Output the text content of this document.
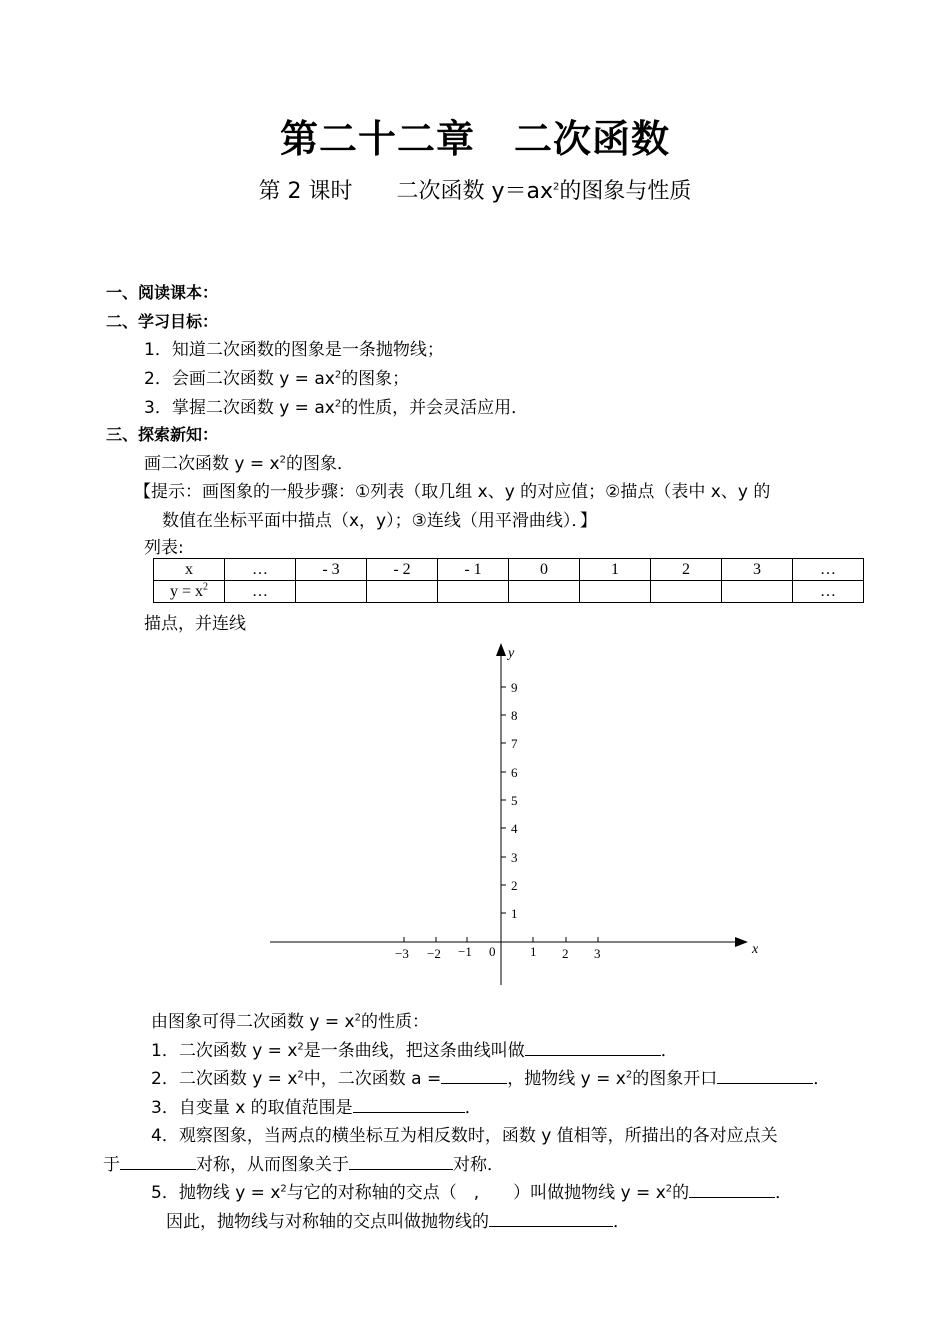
第二十二章　二次函数
第 2 课时　　二次函数 $y=ax^2$的图象与性质
一、阅读课本：
二、学习目标：
1．知道二次函数的图象是一条抛物线；
2．会画二次函数 $y = ax^2$的图象；
3．掌握二次函数 $y = ax^2$的性质，并会灵活应用．
三、探索新知：
画二次函数 $y = x^2$的图象．
【提示：画图象的一般步骤：①列表（取几组 x、y 的对应值；②描点（表中 x、y 的
数值在坐标平面中描点（x，y）；③连线（用平滑曲线）．】
列表:
x	…	- 3	- 2	- 1	0	1	2	3	…
$y = x^2$	…								…
描点，并连线
x
y
−3 −2 −1 0	1 2 3
9
8
7
6
5
4
3
2
1
由图象可得二次函数 $y = x^2$的性质：
1．二次函数 $y = x^2$是一条曲线，把这条曲线叫做	．
2．二次函数 $y = x^2$中，二次函数 a =	，抛物线 $y = x^2$的图象开口	．
3．自变量 x 的取值范围是	．
4．观察图象，当两点的横坐标互为相反数时，函数 y 值相等，所描出的各对应点关
于	对称，从而图象关于	对称．
5．抛物线 $y = x^2$与它的对称轴的交点（　,　　）叫做抛物线 $y = x^2$的	．
因此，抛物线与对称轴的交点叫做抛物线的	．
